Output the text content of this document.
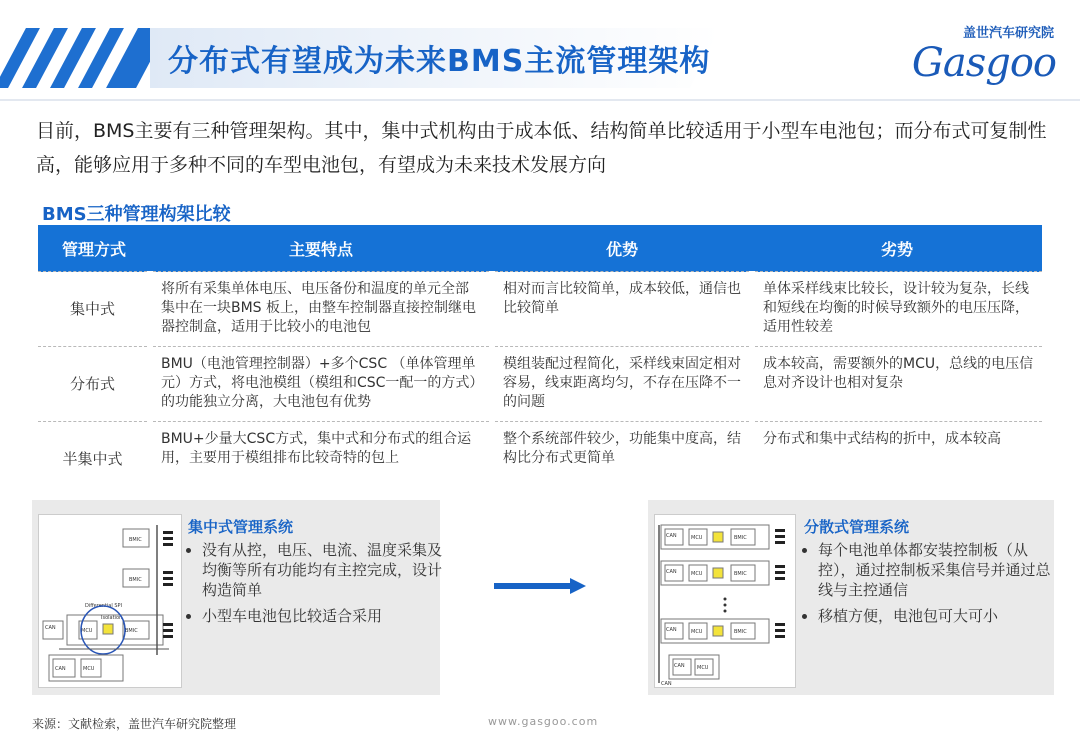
分布式有望成为未来BMS主流管理架构
盖世汽车研究院
Gasgoo
目前，BMS主要有三种管理架构。其中，集中式机构由于成本低、结构简单比较适用于小型车电池包；而分布式可复制性高，能够应用于多种不同的车型电池包，有望成为未来技术发展方向
BMS三种管理构架比较
管理方式	主要特点	优势	劣势
集中式	将所有采集单体电压、电压备份和温度的单元全部集中在一块BMS 板上，由整车控制器直接控制继电器控制盒，适用于比较小的电池包	相对而言比较简单，成本较低，通信也比较简单	单体采样线束比较长，设计较为复杂，长线和短线在均衡的时候导致额外的电压压降，适用性较差
分布式	BMU（电池管理控制器）+多个CSC （单体管理单元）方式，将电池模组（模组和CSC一配一的方式）的功能独立分离，大电池包有优势	模组装配过程简化，采样线束固定相对容易，线束距离均匀，不存在压降不一的问题	成本较高，需要额外的MCU，总线的电压信息对齐设计也相对复杂
半集中式	BMU+少量大CSC方式，集中式和分布式的组合运用，主要用于模组排布比较奇特的包上	整个系统部件较少，功能集中度高，结构比分布式更简单	分布式和集中式结构的折中，成本较高
BMIC
BMIC
Differential SPI
MCU
Isolation
BMIC
CAN
CAN	MCU
集中式管理系统
• 没有从控，电压、电流、温度采集及均衡等所有功能均有主控完成，设计构造简单
• 小型车电池包比较适合采用
CAN	MCU	BMIC
CAN	MCU	BMIC
CAN	MCU	BMIC
CAN MCU
CAN
分散式管理系统
• 每个电池单体都安装控制板（从控），通过控制板采集信号并通过总线与主控通信
• 移植方便，电池包可大可小
来源：文献检索，盖世汽车研究院整理	www.gasgoo.com
